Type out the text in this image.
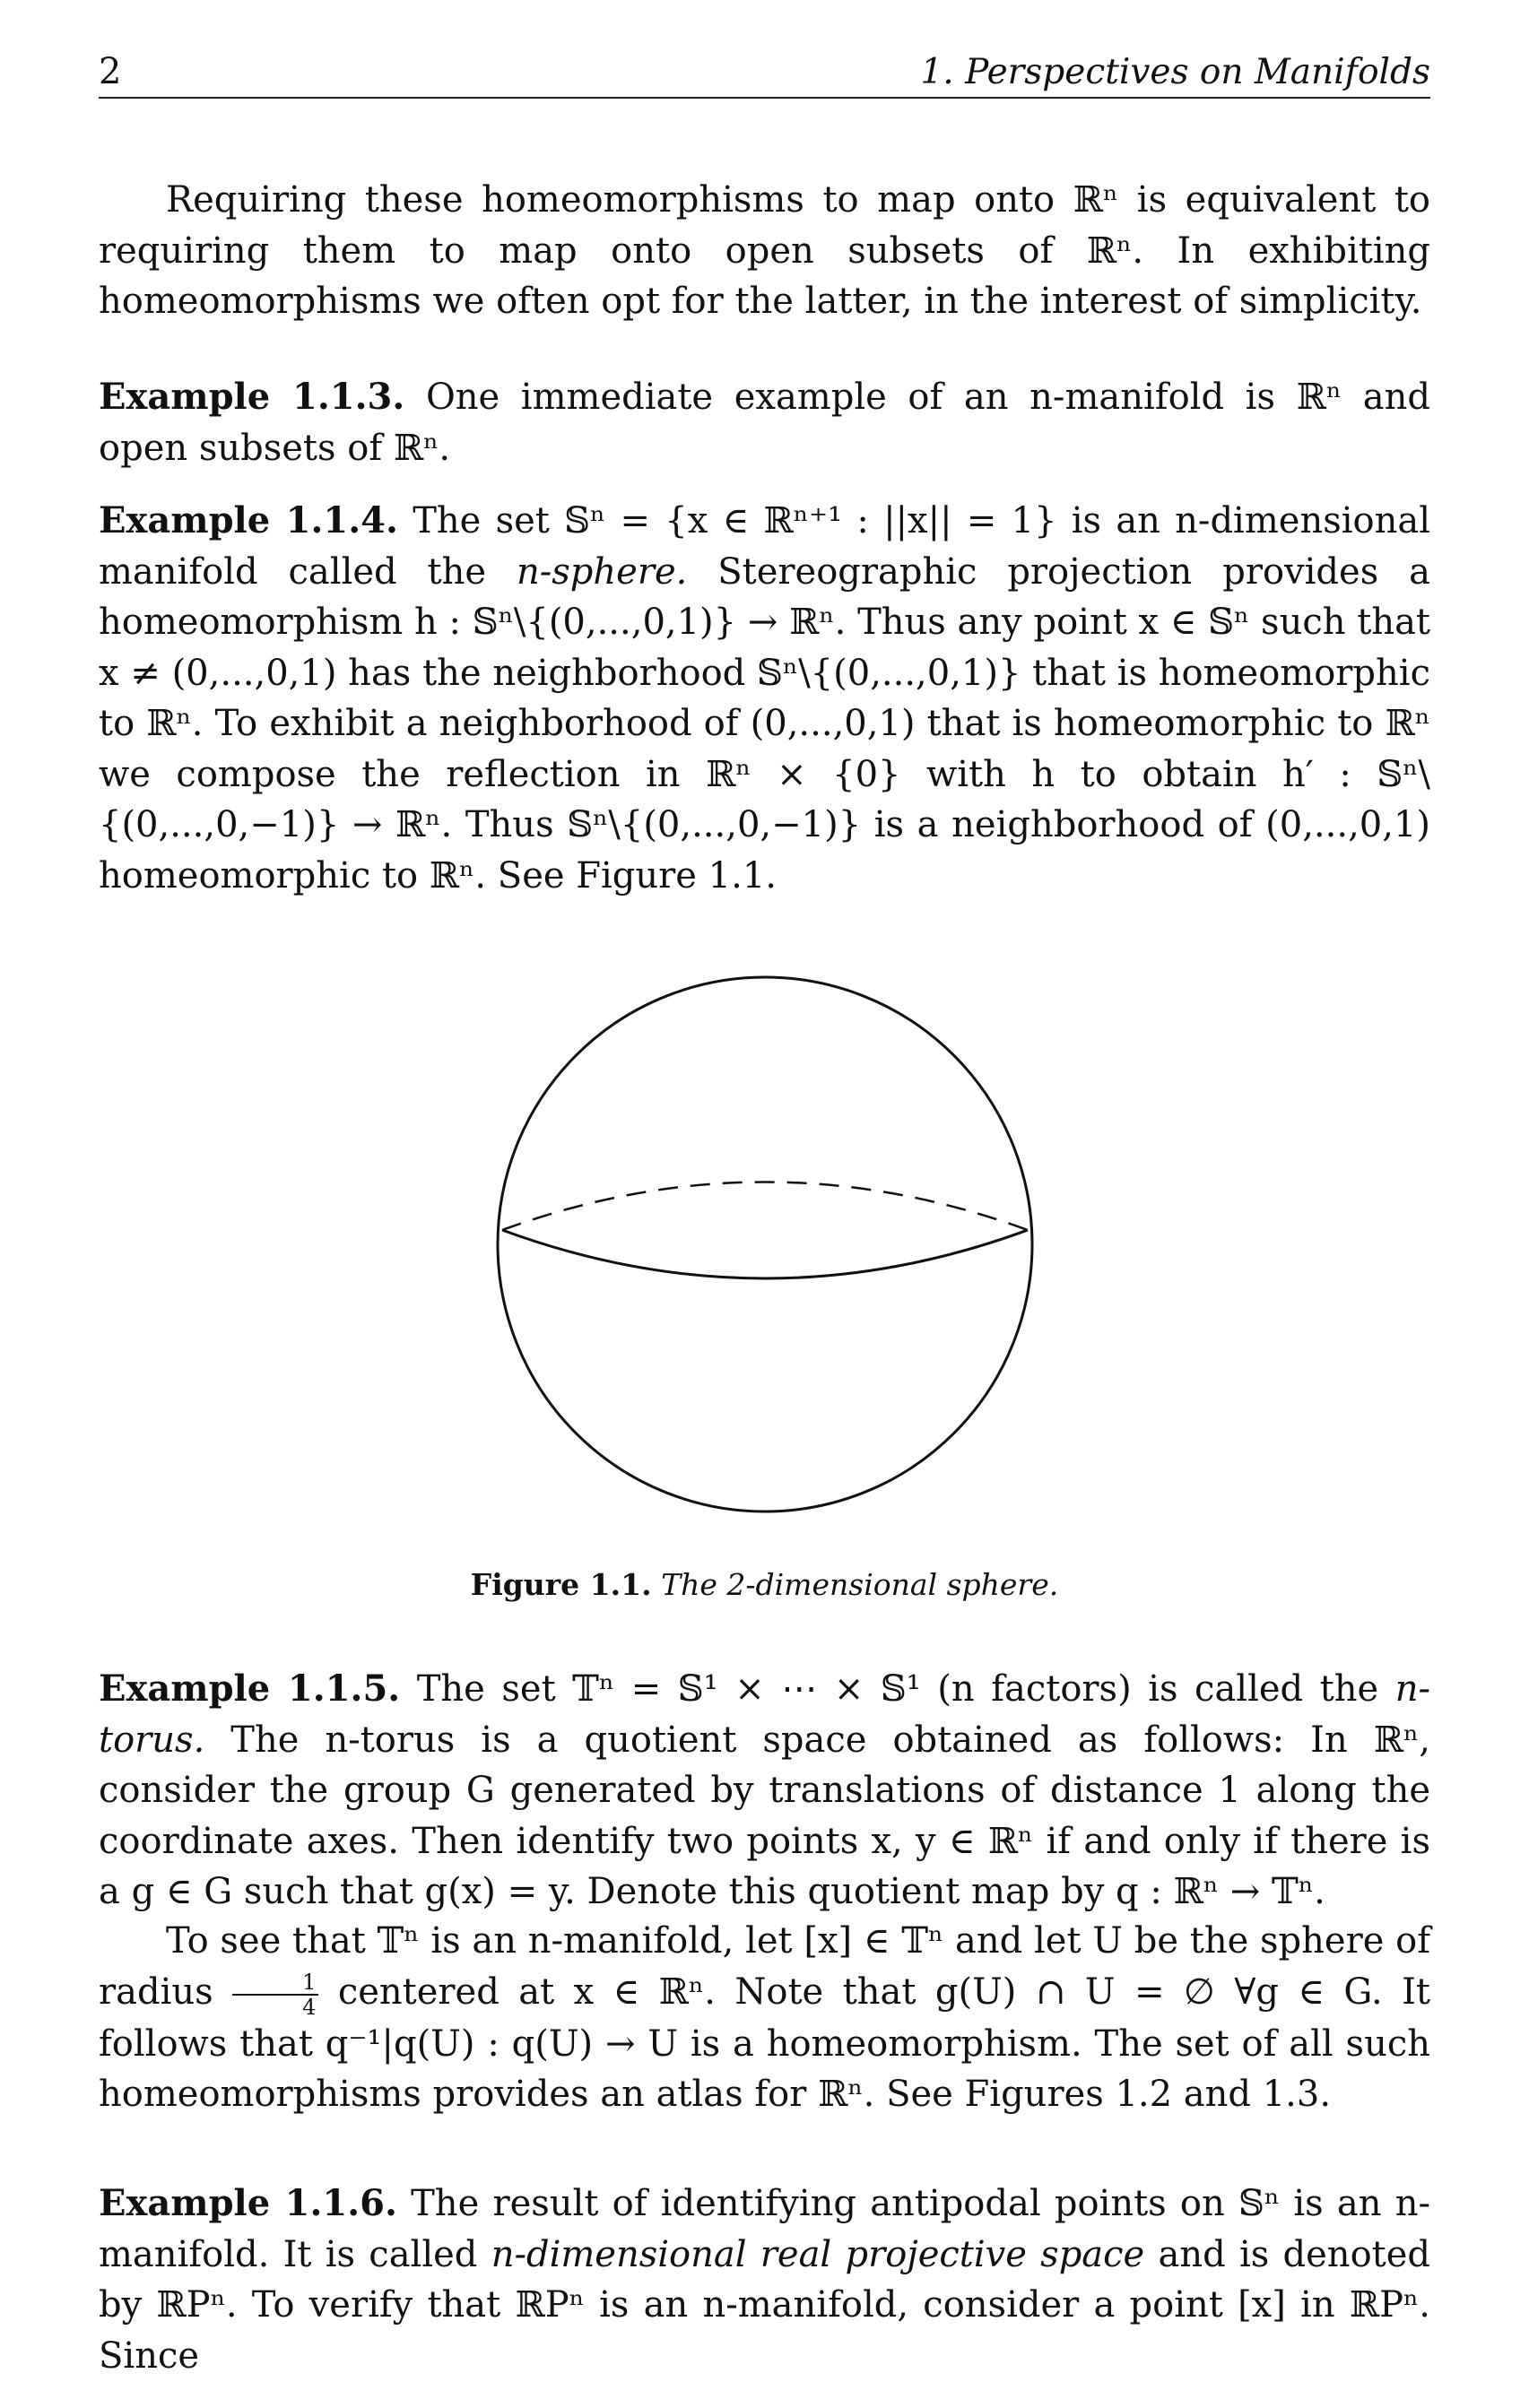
2	1. Perspectives on Manifolds

Requiring these homeomorphisms to map onto ℝⁿ is equivalent to requiring them to map onto open subsets of ℝⁿ. In exhibiting homeomorphisms we often opt for the latter, in the interest of simplicity.

Example 1.1.3. One immediate example of an n-manifold is ℝⁿ and open subsets of ℝⁿ.

Example 1.1.4. The set 𝕊ⁿ = {x ∈ ℝⁿ⁺¹ : ||x|| = 1} is an n-dimensional manifold called the n-sphere. Stereographic projection provides a homeomorphism h : 𝕊ⁿ\{(0,...,0,1)} → ℝⁿ. Thus any point x ∈ 𝕊ⁿ such that x ≠ (0,...,0,1) has the neighborhood 𝕊ⁿ\{(0,...,0,1)} that is homeomorphic to ℝⁿ. To exhibit a neighborhood of (0,...,0,1) that is homeomorphic to ℝⁿ we compose the reflection in ℝⁿ × {0} with h to obtain h′ : 𝕊ⁿ\{(0,...,0,−1)} → ℝⁿ. Thus 𝕊ⁿ\{(0,...,0,−1)} is a neighborhood of (0,...,0,1) homeomorphic to ℝⁿ. See Figure 1.1.

Figure 1.1. The 2-dimensional sphere.

Example 1.1.5. The set 𝕋ⁿ = 𝕊¹ × ⋯ × 𝕊¹ (n factors) is called the n-torus. The n-torus is a quotient space obtained as follows: In ℝⁿ, consider the group G generated by translations of distance 1 along the coordinate axes. Then identify two points x, y ∈ ℝⁿ if and only if there is a g ∈ G such that g(x) = y. Denote this quotient map by q : ℝⁿ → 𝕋ⁿ.

To see that 𝕋ⁿ is an n-manifold, let [x] ∈ 𝕋ⁿ and let U be the sphere of radius $\frac{1}{4}$ centered at x ∈ ℝⁿ. Note that g(U) ∩ U = ∅ ∀g ∈ G. It follows that q⁻¹|q(U) : q(U) → U is a homeomorphism. The set of all such homeomorphisms provides an atlas for ℝⁿ. See Figures 1.2 and 1.3.

Example 1.1.6. The result of identifying antipodal points on 𝕊ⁿ is an n-manifold. It is called n-dimensional real projective space and is denoted by ℝPⁿ. To verify that ℝPⁿ is an n-manifold, consider a point [x] in ℝPⁿ. Since
